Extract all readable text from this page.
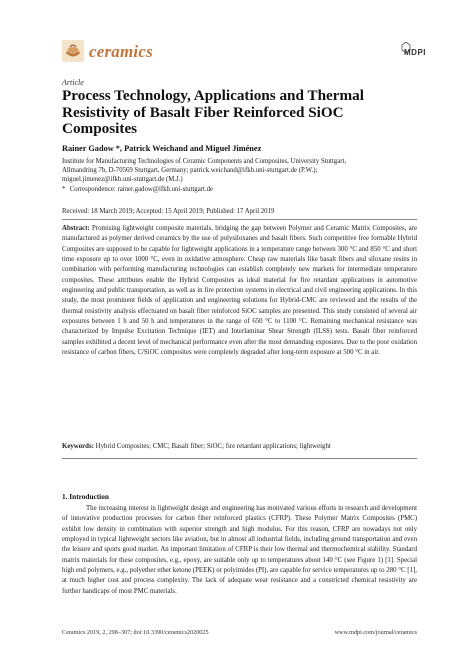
ceramics	MDPI
Article
Process Technology, Applications and Thermal Resistivity of Basalt Fiber Reinforced SiOC Composites
Rainer Gadow *, Patrick Weichand and Miguel Jiménez
Institute for Manufacturing Technologies of Ceramic Components and Composites, University Stuttgart,
Allmandring 7b, D-70569 Stuttgart, Germany; patrick.weichand@ifkb.uni-stuttgart.de (P.W.);
miguel.jimenez@ifkb.uni-stuttgart.de (M.J.)
* Correspondence: rainer.gadow@ifkb.uni-stuttgart.de
Received: 18 March 2019; Accepted: 15 April 2019; Published: 17 April 2019
Abstract: Promising lightweight composite materials, bridging the gap between Polymer and Ceramic Matrix Composites, are manufactured as polymer derived ceramics by the use of polysiloxanes and basalt fibers. Such competitive free formable Hybrid Composites are supposed to be capable for lightweight applications in a temperature range between 300 °C and 850 °C and short time exposure up to over 1000 °C, even in oxidative atmosphere. Cheap raw materials like basalt fibers and siloxane resins in combination with performing manufacturing technologies can establish completely new markets for intermediate temperature composites. These attributes enable the Hybrid Composites as ideal material for fire retardant applications in automotive engineering and public transportation, as well as in fire protection systems in electrical and civil engineering applications. In this study, the most prominent fields of application and engineering solutions for Hybrid-CMC are reviewed and the results of the thermal resistivity analysis effectuated on basalt fiber reinforced SiOC samples are presented. This study consisted of several air exposures between 1 h and 50 h and temperatures in the range of 650 °C to 1100 °C. Remaining mechanical resistance was characterized by Impulse Excitation Technique (IET) and Interlaminar Shear Strength (ILSS) tests. Basalt fiber reinforced samples exhibited a decent level of mechanical performance even after the most demanding exposures. Due to the poor oxidation resistance of carbon fibers, C/SiOC composites were completely degraded after long-term exposure at 500 °C in air.
Keywords: Hybrid Composites; CMC; Basalt fiber; SiOC; fire retardant applications; lightweight
1. Introduction
The increasing interest in lightweight design and engineering has motivated various efforts in research and development of innovative production processes for carbon fiber reinforced plastics (CFRP). These Polymer Matrix Composites (PMC) exhibit low density in combination with superior strength and high modulus. For this reason, CFRP are nowadays not only employed in typical lightweight sectors like aviation, but in almost all industrial fields, including ground transportation and even the leisure and sports good market. An important limitation of CFRP is their low thermal and thermochemical stability. Standard matrix materials for these composites, e.g., epoxy, are suitable only up to temperatures about 140 °C (see Figure 1) [1]. Special high end polymers, e.g., polyether ether ketone (PEEK) or polyimides (PI), are capable for service temperatures up to 280 °C [1], at much higher cost and process complexity. The lack of adequate wear resistance and a constricted chemical resistivity are further handicaps of most PMC materials.
Ceramics 2019, 2, 298–307; doi:10.3390/ceramics2020025	www.mdpi.com/journal/ceramics
